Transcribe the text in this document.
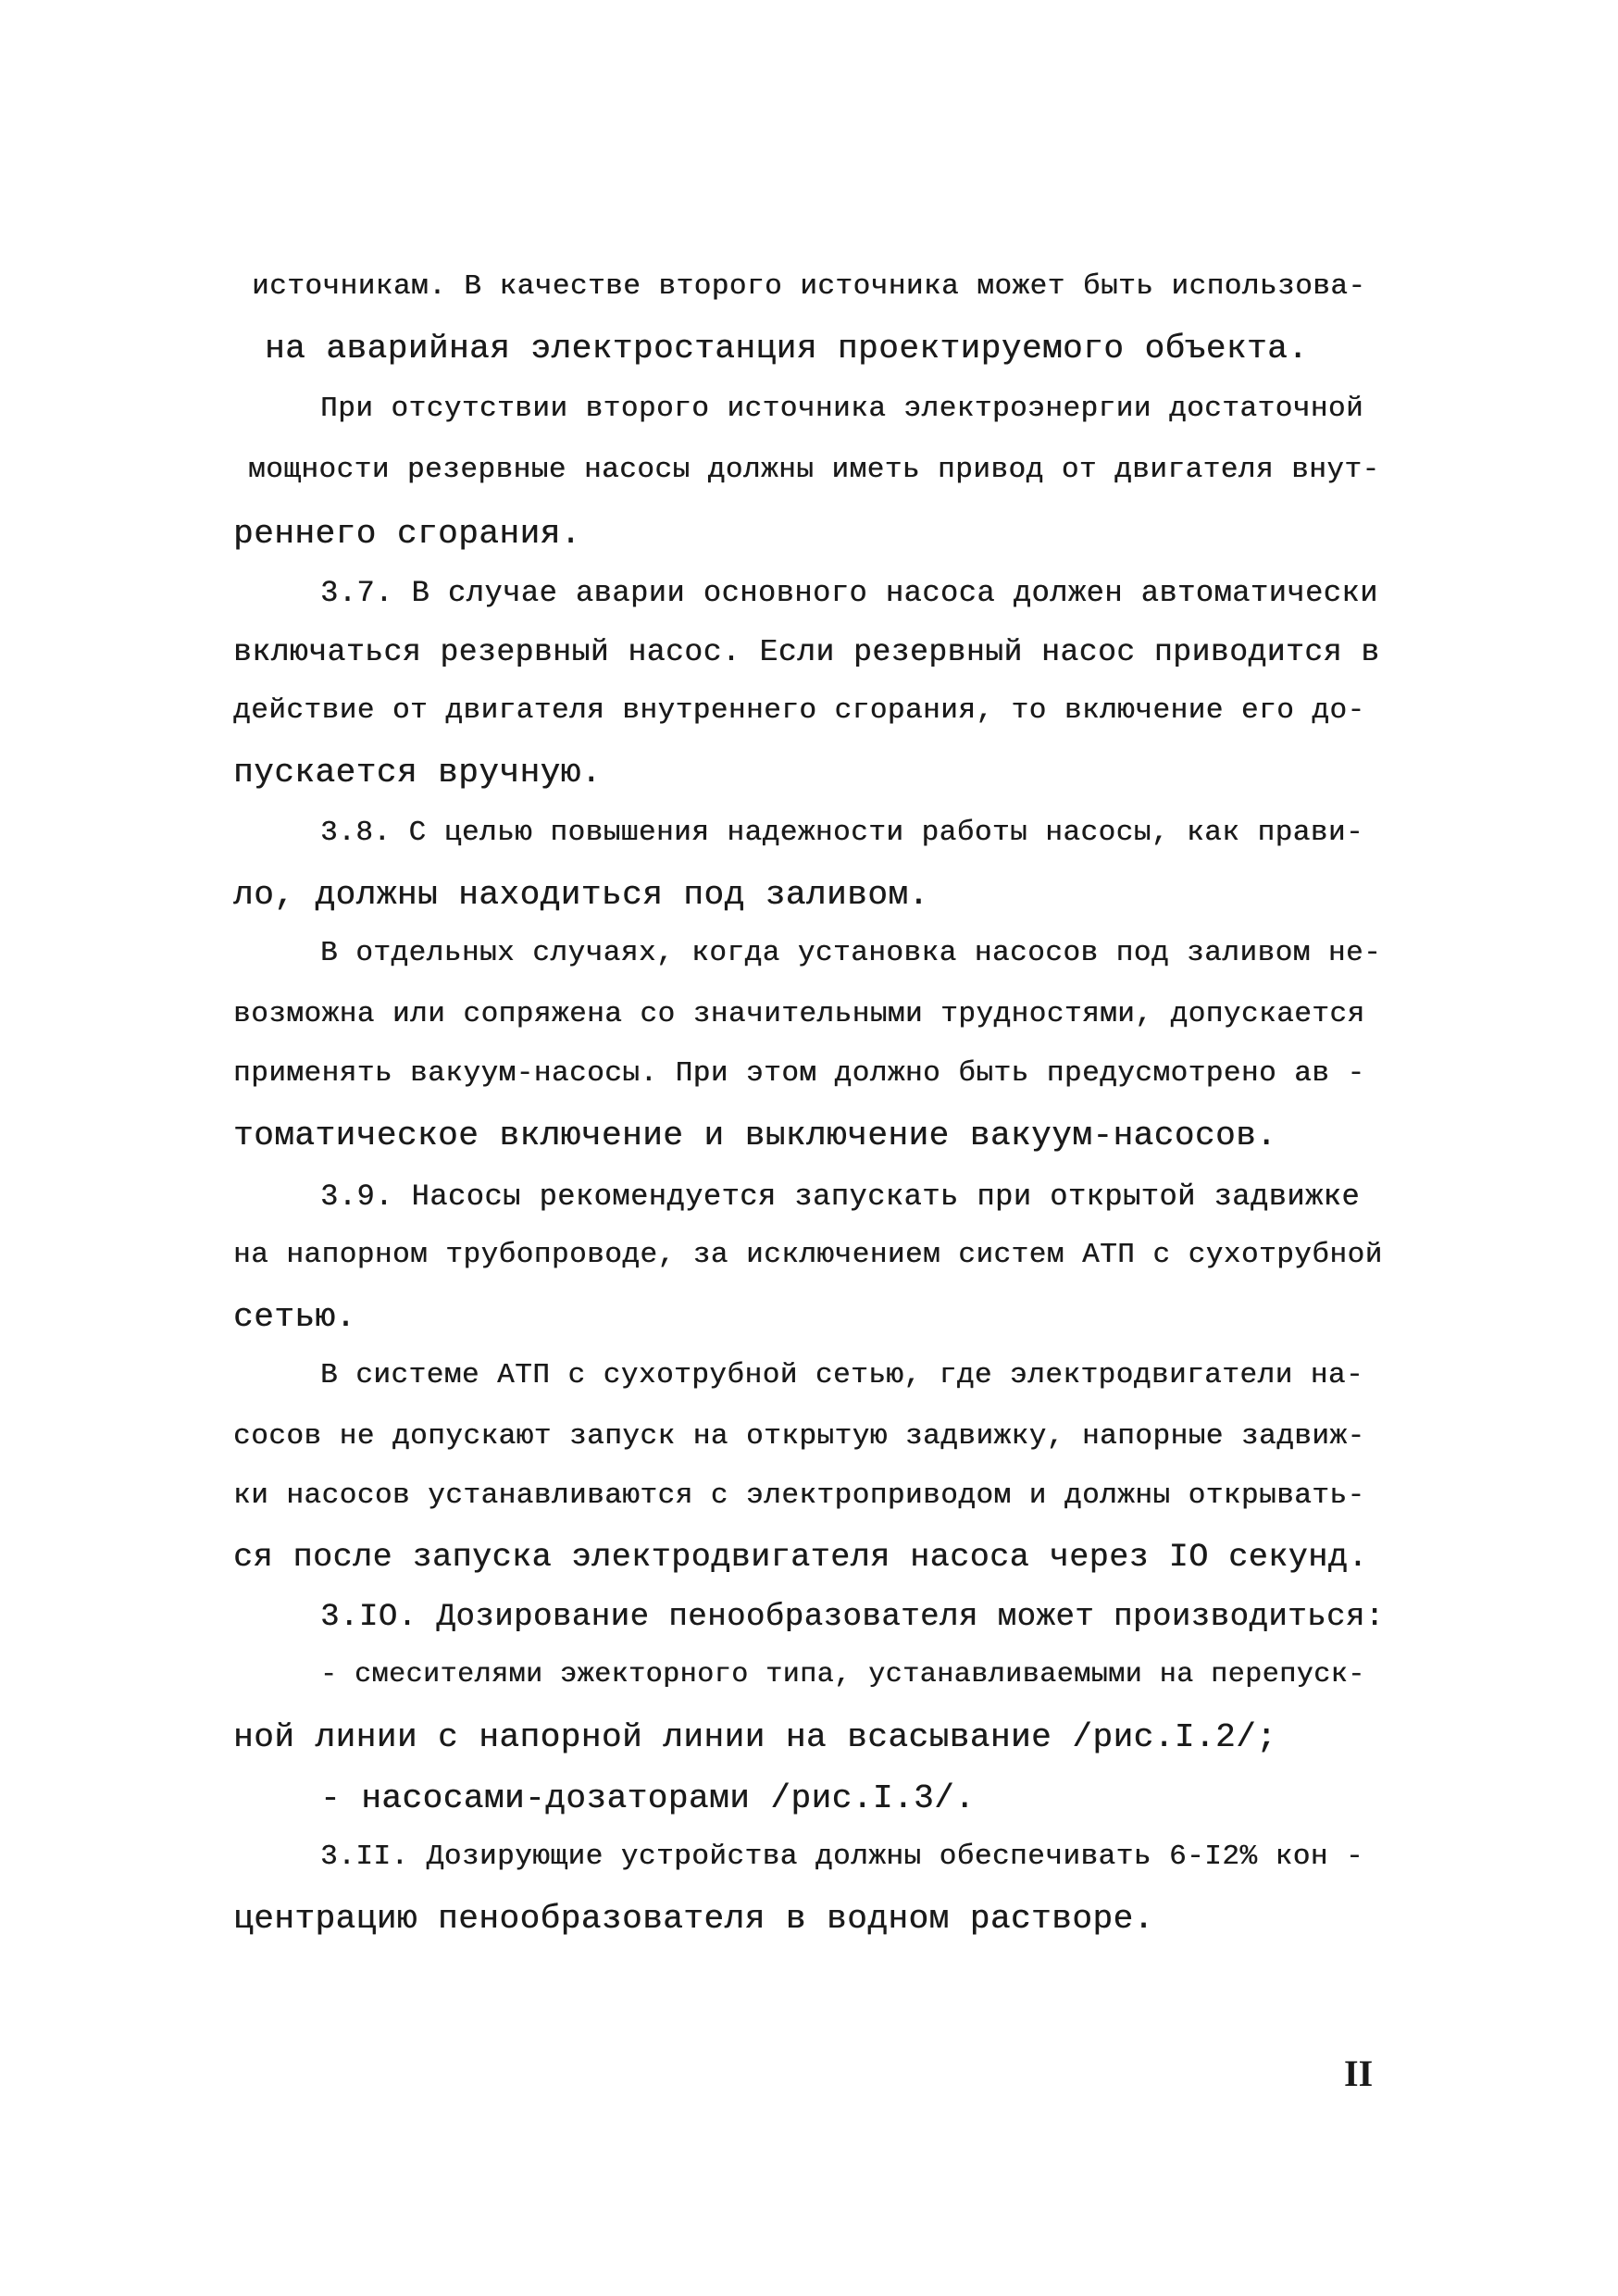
источникам. В качестве второго источника может быть использова-
на аварийная электростанция проектируемого объекта.
При отсутствии второго источника электроэнергии достаточной
мощности резервные насосы должны иметь привод от двигателя внут-
реннего сгорания.
3.7. В случае аварии основного насоса должен автоматически
включаться резервный насос. Если резервный насос приводится в
действие от двигателя внутреннего сгорания, то включение его до-
пускается вручную.
3.8. С целью повышения надежности работы насосы, как прави-
ло, должны находиться под заливом.
В отдельных случаях, когда установка насосов под заливом не-
возможна или сопряжена со значительными трудностями, допускается
применять вакуум-насосы. При этом должно быть предусмотрено ав -
томатическое включение и выключение вакуум-насосов.
3.9. Насосы рекомендуется запускать при открытой задвижке
на напорном трубопроводе, за исключением систем АТП с сухотрубной
сетью.
В системе АТП с сухотрубной сетью, где электродвигатели на-
сосов не допускают запуск на открытую задвижку, напорные задвиж-
ки насосов устанавливаются с электроприводом и должны открывать-
ся после запуска электродвигателя насоса через IO секунд.
3.IO. Дозирование пенообразователя может производиться:
- смесителями эжекторного типа, устанавливаемыми на перепуск-
ной линии с напорной линии на всасывание /рис.I.2/;
- насосами-дозаторами /рис.I.3/.
3.II. Дозирующие устройства должны обеспечивать 6-I2% кон -
центрацию пенообразователя в водном растворе.
II
